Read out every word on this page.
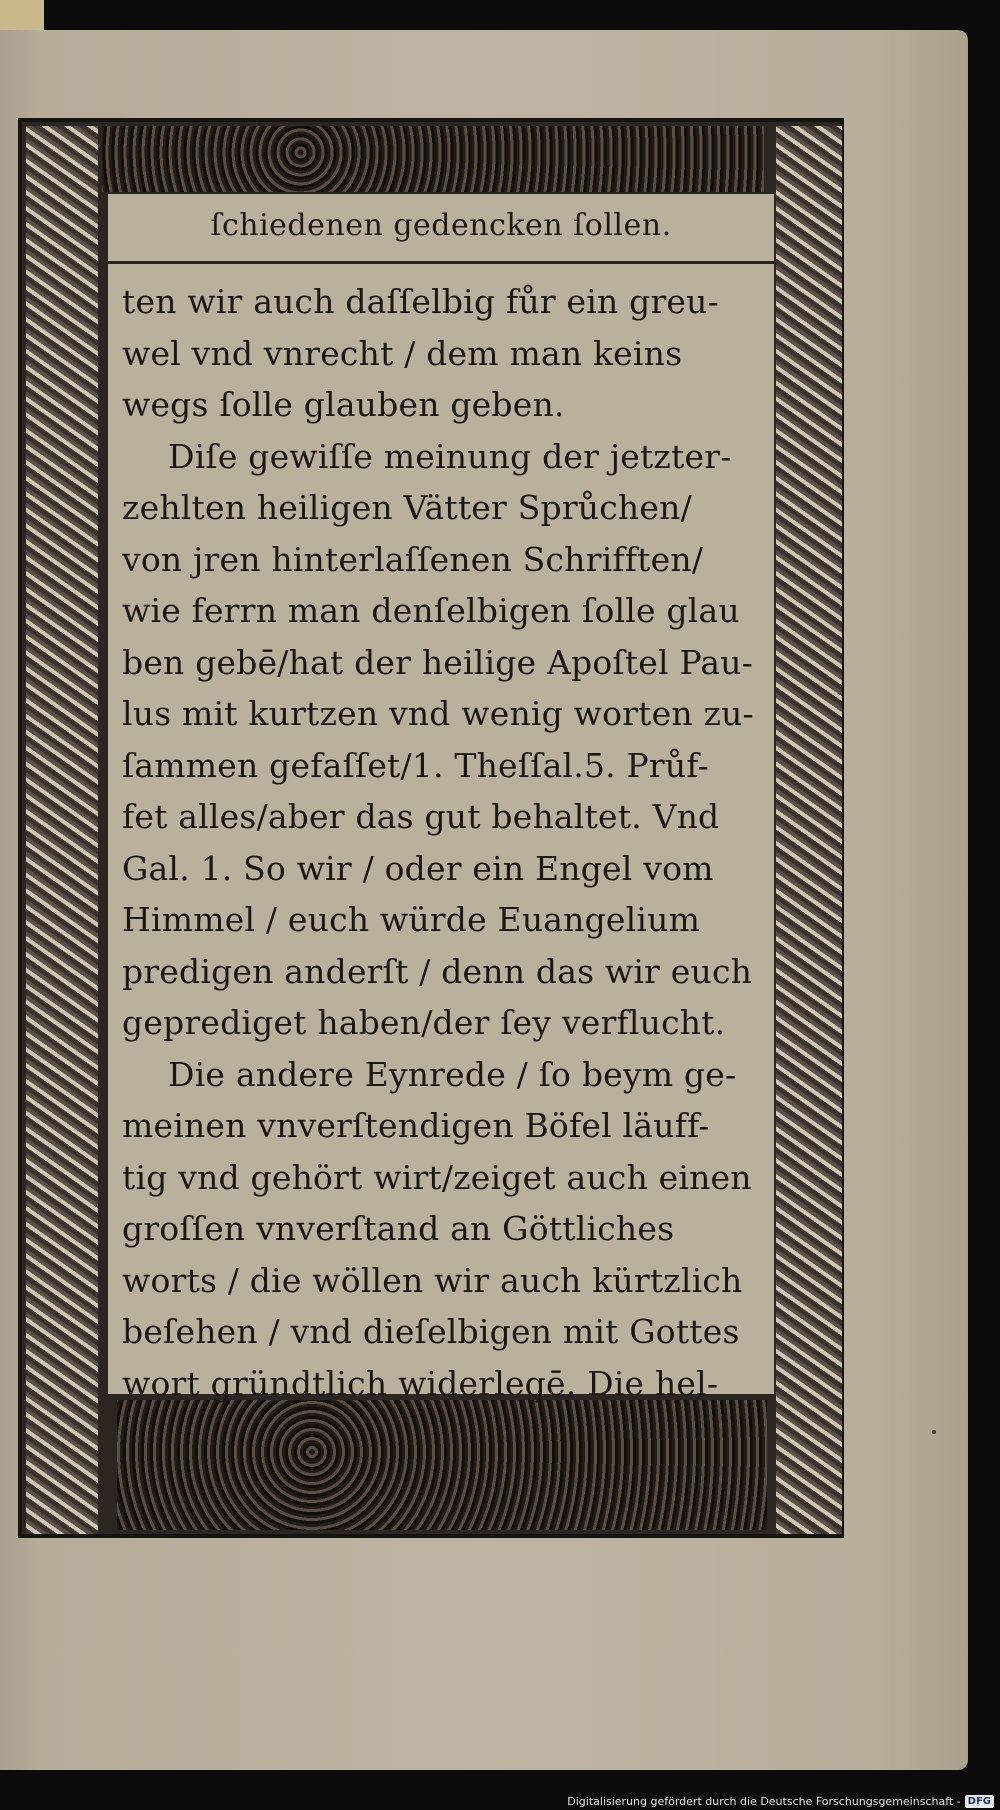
ſchiedenen gedencken ſollen.
ten wir auch daſſelbig fůr ein greu-
wel vnd vnrecht / dem man keins
wegs ſolle glauben geben.
Diſe gewiſſe meinung der jetzter-
zehlten heiligen Vätter Sprůchen/
von jren hinterlaſſenen Schrifften/
wie ferrn man denſelbigen ſolle glau
ben gebē/hat der heilige Apoſtel Pau-
lus mit kurtzen vnd wenig worten zu-
ſammen gefaſſet/1. Theſſal.5. Průf-
fet alles/aber das gut behaltet. Vnd
Gal. 1. So wir / oder ein Engel vom
Himmel / euch würde Euangelium
predigen anderſt / denn das wir euch
geprediget haben/der ſey verflucht.
Die andere Eynrede / ſo beym ge-
meinen vnverſtendigen Böfel läuff-
tig vnd gehört wirt/zeiget auch einen
groſſen vnverſtand an Göttliches
worts / die wöllen wir auch kürtzlich
beſehen / vnd dieſelbigen mit Gottes
wort gründtlich widerlegē. Die hel-
Digitalisierung gefördert durch die Deutsche Forschungsgemeinschaft - DFG
